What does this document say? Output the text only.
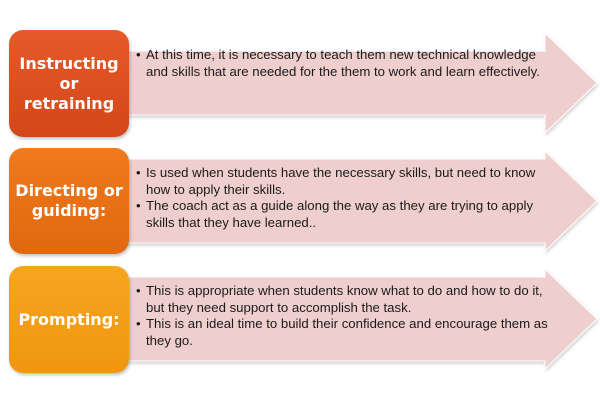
Instructing or retraining
• At this time, it is necessary to teach them new technical knowledge and skills that are needed for the them to work and learn effectively.
Directing or guiding:
• Is used when students have the necessary skills, but need to know how to apply their skills.
• The coach act as a guide along the way as they are trying to apply skills that they have learned..
Prompting:
• This is appropriate when students know what to do and how to do it, but they need support to accomplish the task.
• This is an ideal time to build their confidence and encourage them as they go.
